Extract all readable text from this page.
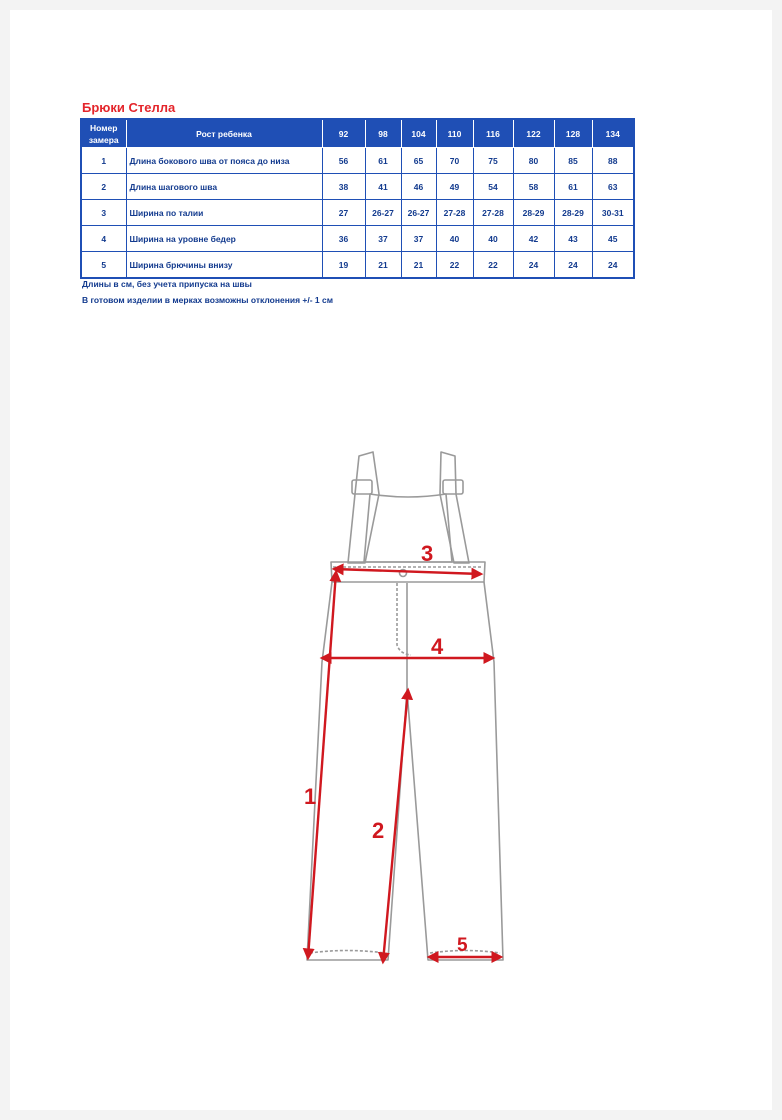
Брюки Стелла
Номер замера	Рост ребенка	92	98	104	110	116	122	128	134
1	Длина бокового шва от пояса до низа	56	61	65	70	75	80	85	88
2	Длина шагового шва	38	41	46	49	54	58	61	63
3	Ширина по талии	27	26-27	26-27	27-28	27-28	28-29	28-29	30-31
4	Ширина на уровне бедер	36	37	37	40	40	42	43	45
5	Ширина брючины внизу	19	21	21	22	22	24	24	24

Длины в см, без учета припуска на швы

В готовом изделии в мерках возможны отклонения +/- 1 см

1
2
3
4
5
